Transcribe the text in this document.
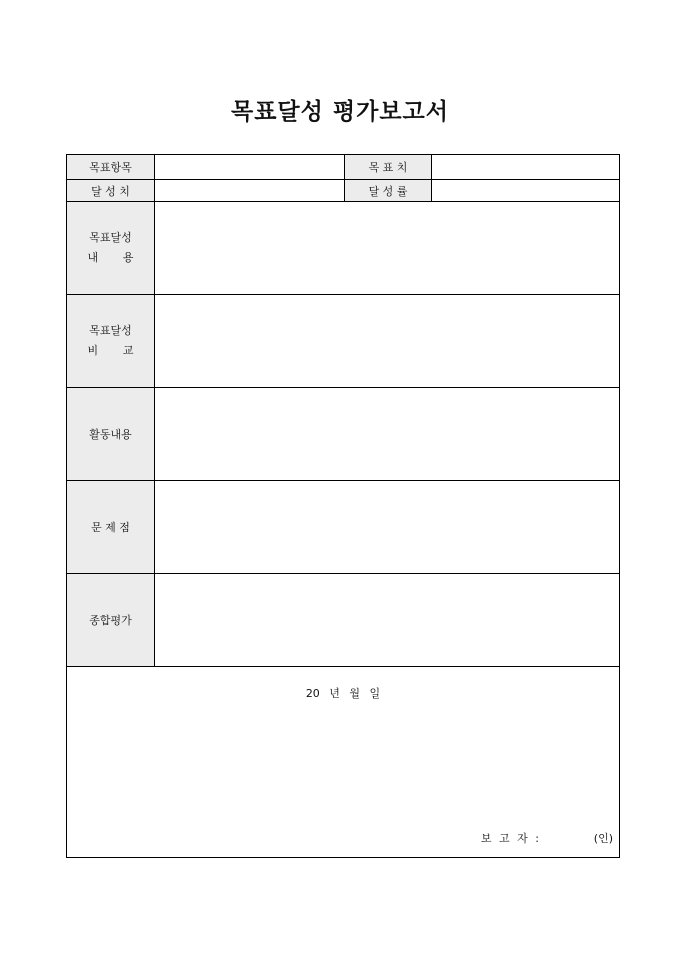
목표달성 평가보고서
목표항목	목 표 치
달 성 치	달 성 률
목표달성
내 용
목표달성
비 교
활동내용
문 제 점
종합평가
20 년 월 일
보 고 자 :	(인)
